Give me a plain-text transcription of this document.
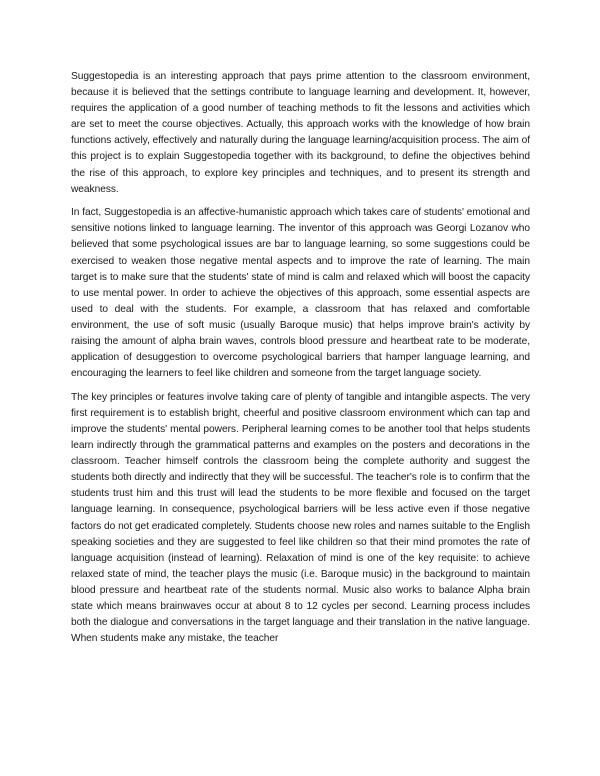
Suggestopedia is an interesting approach that pays prime attention to the classroom environment, because it is believed that the settings contribute to language learning and development. It, however, requires the application of a good number of teaching methods to fit the lessons and activities which are set to meet the course objectives. Actually, this approach works with the knowledge of how brain functions actively, effectively and naturally during the language learning/acquisition process. The aim of this project is to explain Suggestopedia together with its background, to define the objectives behind the rise of this approach, to explore key principles and techniques, and to present its strength and weakness.

In fact, Suggestopedia is an affective-humanistic approach which takes care of students' emotional and sensitive notions linked to language learning. The inventor of this approach was Georgi Lozanov who believed that some psychological issues are bar to language learning, so some suggestions could be exercised to weaken those negative mental aspects and to improve the rate of learning. The main target is to make sure that the students' state of mind is calm and relaxed which will boost the capacity to use mental power. In order to achieve the objectives of this approach, some essential aspects are used to deal with the students. For example, a classroom that has relaxed and comfortable environment, the use of soft music (usually Baroque music) that helps improve brain's activity by raising the amount of alpha brain waves, controls blood pressure and heartbeat rate to be moderate, application of desuggestion to overcome psychological barriers that hamper language learning, and encouraging the learners to feel like children and someone from the target language society.

The key principles or features involve taking care of plenty of tangible and intangible aspects. The very first requirement is to establish bright, cheerful and positive classroom environment which can tap and improve the students' mental powers. Peripheral learning comes to be another tool that helps students learn indirectly through the grammatical patterns and examples on the posters and decorations in the classroom. Teacher himself controls the classroom being the complete authority and suggest the students both directly and indirectly that they will be successful. The teacher's role is to confirm that the students trust him and this trust will lead the students to be more flexible and focused on the target language learning. In consequence, psychological barriers will be less active even if those negative factors do not get eradicated completely. Students choose new roles and names suitable to the English speaking societies and they are suggested to feel like children so that their mind promotes the rate of language acquisition (instead of learning). Relaxation of mind is one of the key requisite: to achieve relaxed state of mind, the teacher plays the music (i.e. Baroque music) in the background to maintain blood pressure and heartbeat rate of the students normal. Music also works to balance Alpha brain state which means brainwaves occur at about 8 to 12 cycles per second. Learning process includes both the dialogue and conversations in the target language and their translation in the native language. When students make any mistake, the teacher
